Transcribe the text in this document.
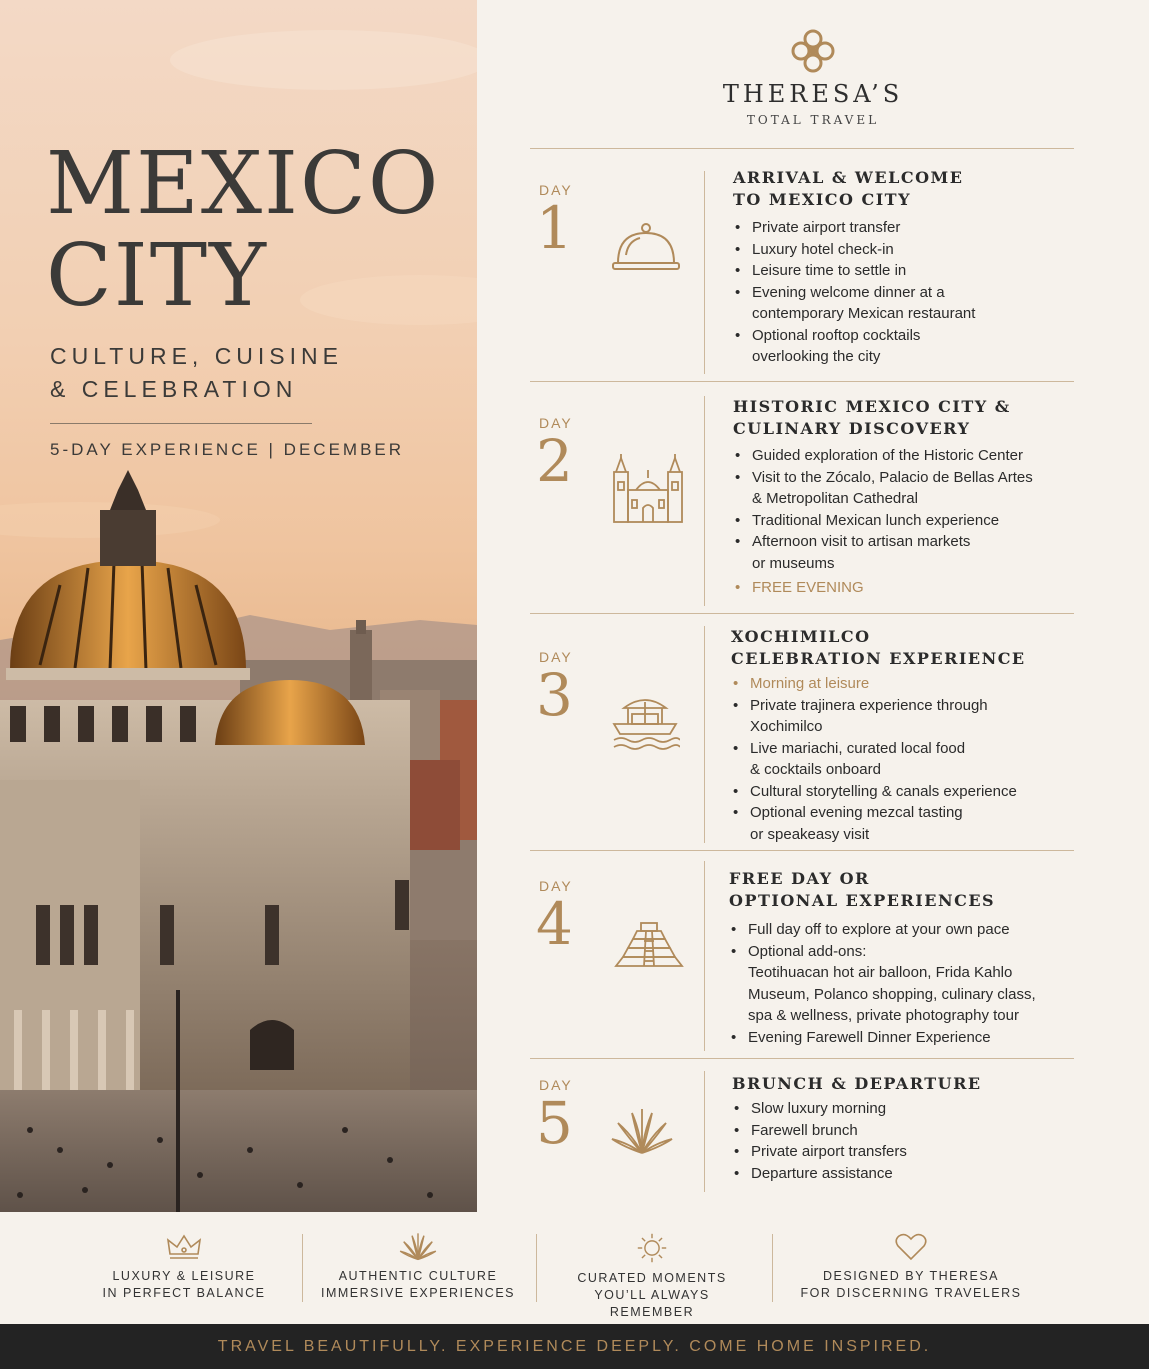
MEXICO
CITY
CULTURE, CUISINE
& CELEBRATION
5-DAY EXPERIENCE | DECEMBER
THERESA’S
TOTAL TRAVEL
DAY
1
ARRIVAL & WELCOME
TO MEXICO CITY
• Private airport transfer
• Luxury hotel check-in
• Leisure time to settle in
• Evening welcome dinner at a
contemporary Mexican restaurant
• Optional rooftop cocktails
overlooking the city
DAY
2
HISTORIC MEXICO CITY &
CULINARY DISCOVERY
• Guided exploration of the Historic Center
• Visit to the Zócalo, Palacio de Bellas Artes
& Metropolitan Cathedral
• Traditional Mexican lunch experience
• Afternoon visit to artisan markets
or museums
• FREE EVENING
DAY
3
XOCHIMILCO
CELEBRATION EXPERIENCE
• Morning at leisure
• Private trajinera experience through
Xochimilco
• Live mariachi, curated local food
& cocktails onboard
• Cultural storytelling & canals experience
• Optional evening mezcal tasting
or speakeasy visit
DAY
4
FREE DAY OR
OPTIONAL EXPERIENCES
• Full day off to explore at your own pace
• Optional add-ons:
Teotihuacan hot air balloon, Frida Kahlo
Museum, Polanco shopping, culinary class,
spa & wellness, private photography tour
• Evening Farewell Dinner Experience
DAY
5
BRUNCH & DEPARTURE
• Slow luxury morning
• Farewell brunch
• Private airport transfers
• Departure assistance
LUXURY & LEISURE
IN PERFECT BALANCE
AUTHENTIC CULTURE
IMMERSIVE EXPERIENCES
CURATED MOMENTS
YOU’LL ALWAYS REMEMBER
DESIGNED BY THERESA
FOR DISCERNING TRAVELERS
TRAVEL BEAUTIFULLY. EXPERIENCE DEEPLY. COME HOME INSPIRED.
